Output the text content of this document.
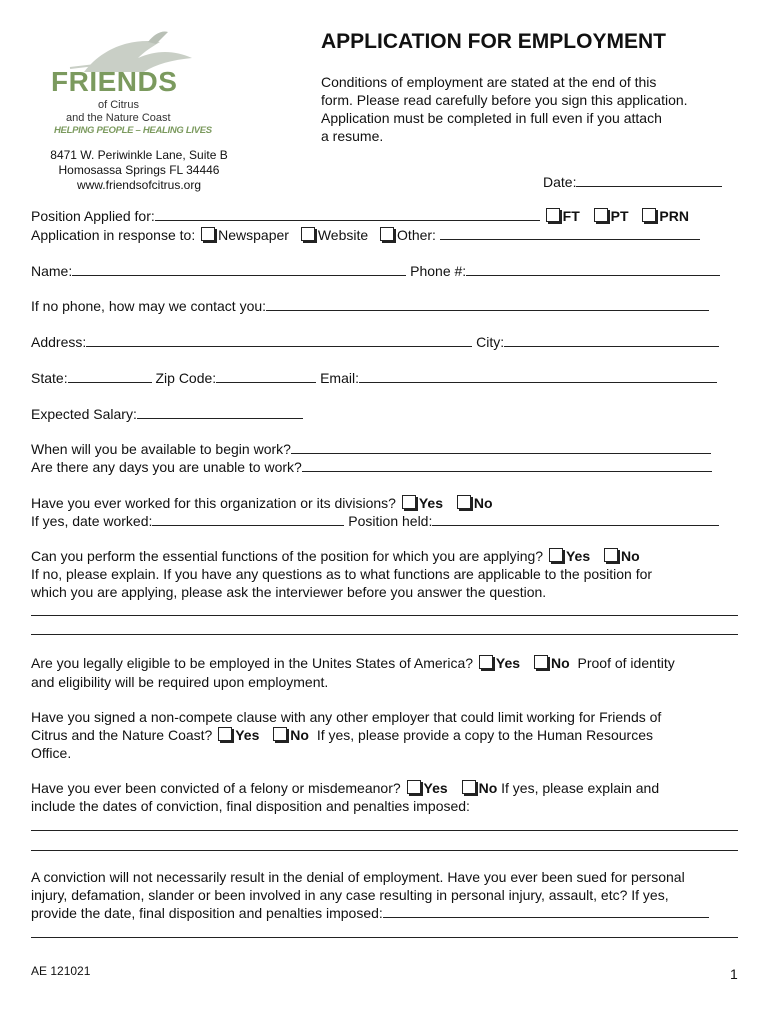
FRIENDS
of Citrus
and the Nature Coast
HELPING PEOPLE – HEALING LIVES
8471 W. Periwinkle Lane, Suite B
Homosassa Springs FL 34446
www.friendsofcitrus.org
APPLICATION FOR EMPLOYMENT
Conditions of employment are stated at the end of this
form. Please read carefully before you sign this application.
Application must be completed in full even if you attach
a resume.
Date:
Position Applied for:	FT PT PRN
Application in response to: Newspaper Website Other:
Name:	Phone #:
If no phone, how may we contact you:
Address:	City:
State:	Zip Code:	Email:
Expected Salary:
When will you be available to begin work?
Are there any days you are unable to work?
Have you ever worked for this organization or its divisions? Yes No
If yes, date worked:	Position held:
Can you perform the essential functions of the position for which you are applying? Yes No
If no, please explain. If you have any questions as to what functions are applicable to the position for
which you are applying, please ask the interviewer before you answer the question.
Are you legally eligible to be employed in the Unites States of America? Yes No Proof of identity
and eligibility will be required upon employment.
Have you signed a non-compete clause with any other employer that could limit working for Friends of
Citrus and the Nature Coast? Yes No If yes, please provide a copy to the Human Resources
Office.
Have you ever been convicted of a felony or misdemeanor? Yes No If yes, please explain and
include the dates of conviction, final disposition and penalties imposed:
A conviction will not necessarily result in the denial of employment. Have you ever been sued for personal
injury, defamation, slander or been involved in any case resulting in personal injury, assault, etc? If yes,
provide the date, final disposition and penalties imposed:
AE 121021	1
